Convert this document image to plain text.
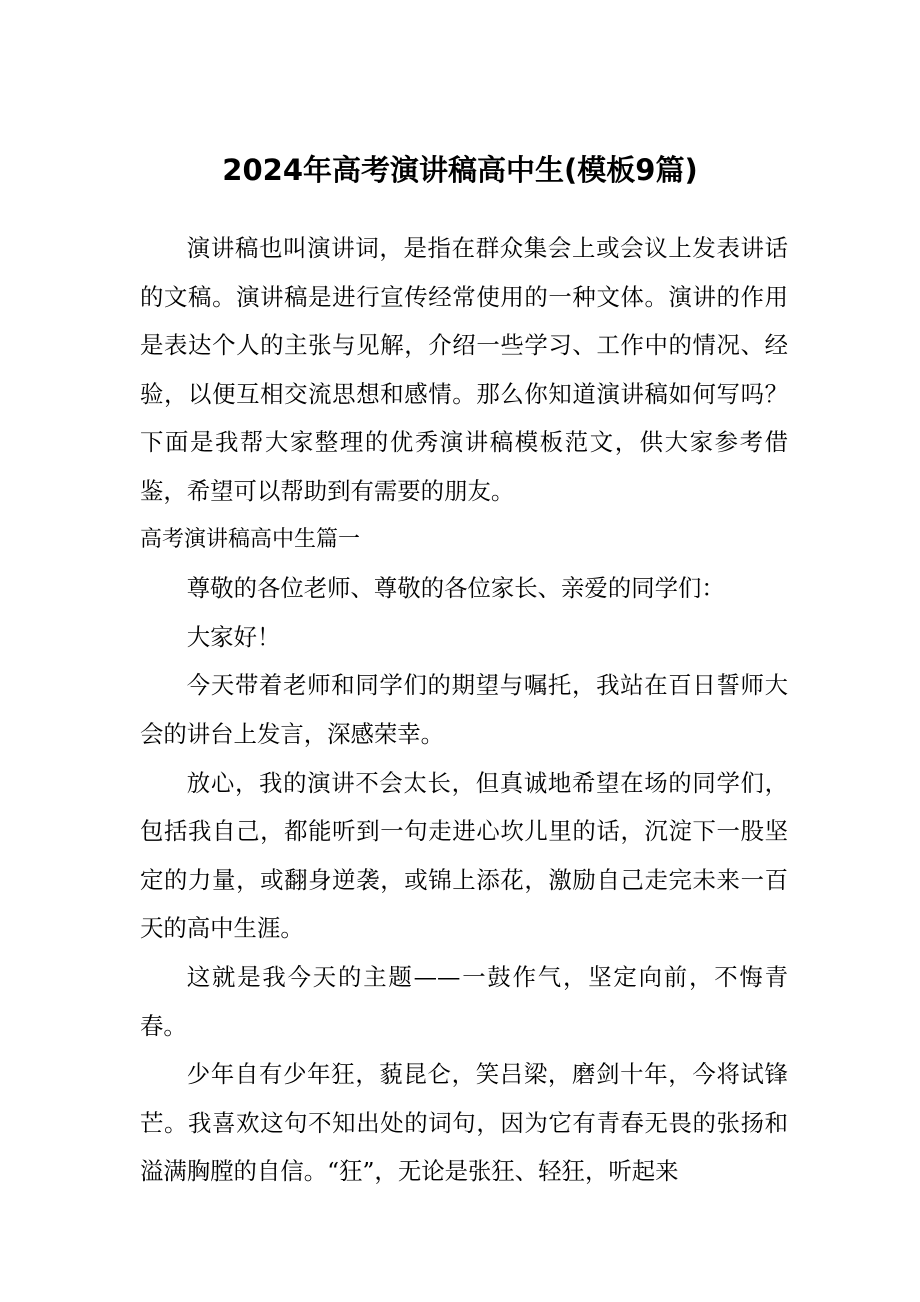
2024年高考演讲稿高中生(模板9篇)

演讲稿也叫演讲词，是指在群众集会上或会议上发表讲话的文稿。演讲稿是进行宣传经常使用的一种文体。演讲的作用是表达个人的主张与见解，介绍一些学习、工作中的情况、经验，以便互相交流思想和感情。那么你知道演讲稿如何写吗？下面是我帮大家整理的优秀演讲稿模板范文，供大家参考借鉴，希望可以帮助到有需要的朋友。

高考演讲稿高中生篇一

尊敬的各位老师、尊敬的各位家长、亲爱的同学们：

大家好！

今天带着老师和同学们的期望与嘱托，我站在百日誓师大会的讲台上发言，深感荣幸。

放心，我的演讲不会太长，但真诚地希望在场的同学们，包括我自己，都能听到一句走进心坎儿里的话，沉淀下一股坚定的力量，或翻身逆袭，或锦上添花，激励自己走完未来一百天的高中生涯。

这就是我今天的主题——一鼓作气，坚定向前，不悔青春。

少年自有少年狂，藐昆仑，笑吕梁，磨剑十年，今将试锋芒。我喜欢这句不知出处的词句，因为它有青春无畏的张扬和溢满胸膛的自信。“狂”，无论是张狂、轻狂，听起来
